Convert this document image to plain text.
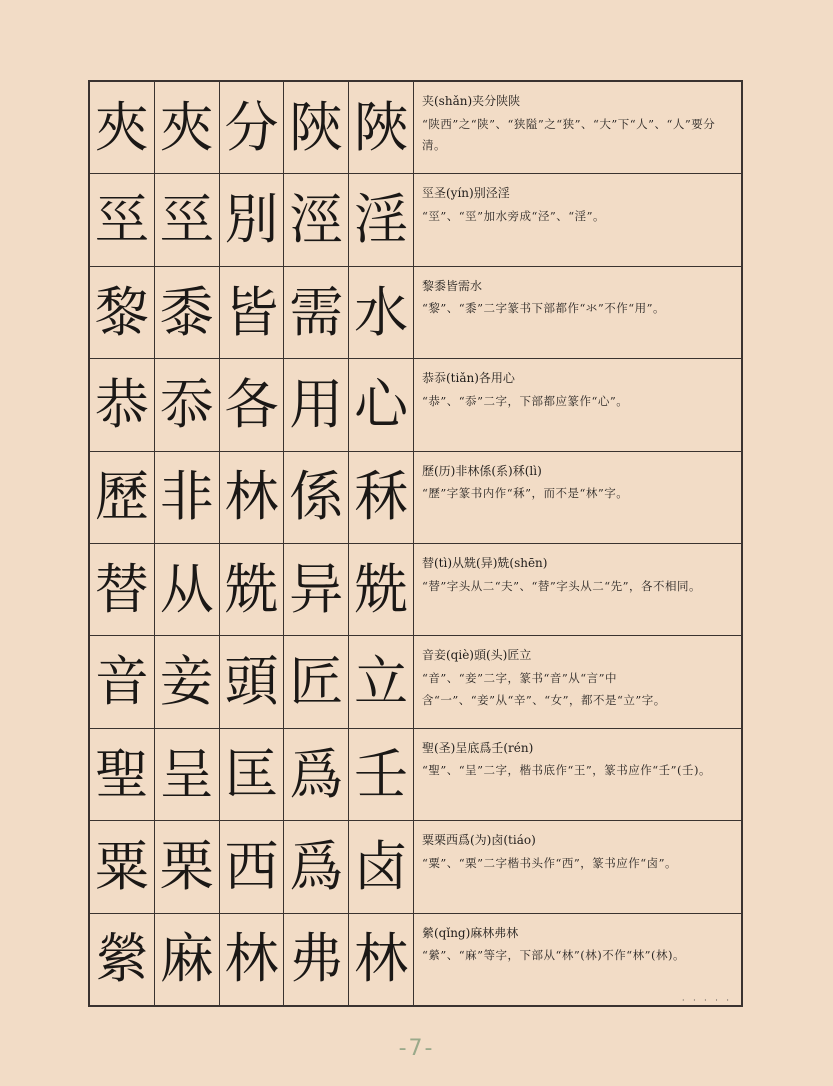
夾 夾 分 陝 陜
巠 巠 別 涇 淫
黎 黍 皆 需 水
恭 忝 各 用 心
歷 非 林 係 秝
替 从 兟 异 兟
音 妾 頭 匠 立
聖 呈 匡 爲 壬
粟 栗 西 爲 卤
縈 麻 林 弗 林
夹(shǎn)夹分陕陕
“陕西”之“陕”、“狭隘”之“狭”、“大”下“人”、“人”要分清。
巠圣(yín)别泾淫
“巠”、“巠”加水旁成“泾”、“淫”。
黎黍皆需水
“黎”、“黍”二字篆书下部都作“氺”不作“用”。
恭忝(tiǎn)各用心
“恭”、“忝”二字，下部都应篆作“心”。
歷(历)非林係(系)秝(lì)
“歷”字篆书内作“秝”，而不是“林”字。
替(tì)从兟(异)兟(shēn)
“替”字头从二“夫”、“替”字头从二“先”，各不相同。
音妾(qiè)頭(头)匠立
“音”、“妾”二字，篆书“音”从“言”中含“一”、“妾”从“辛”、“女”，都不是“立”字。
聖(圣)呈底爲壬(rén)
“聖”、“呈”二字，楷书底作“王”，篆书应作“壬”(壬)。
粟栗西爲(为)卤(tiáo)
“粟”、“栗”二字楷书头作“西”，篆书应作“卤”。
縈(qǐng)麻林弗林
“縈”、“麻”等字，下部从“林”(林)不作“林”(林)。
· · · · ·
-7-
